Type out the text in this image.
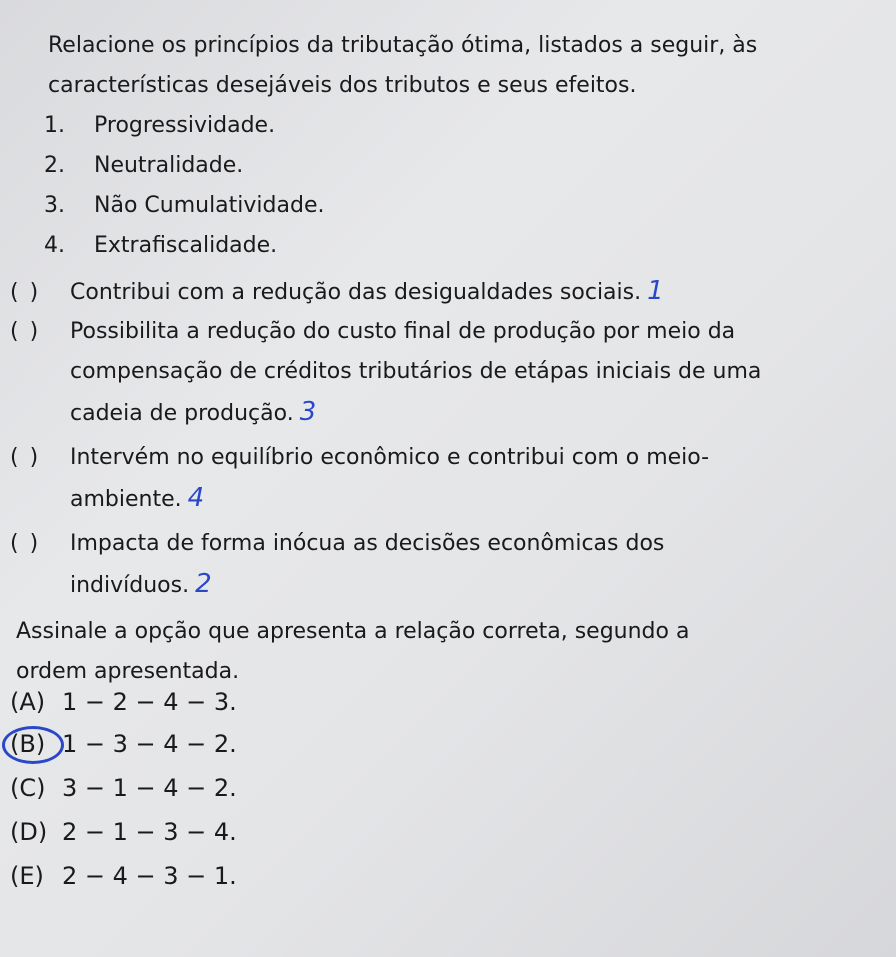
Relacione os princípios da tributação ótima, listados a seguir, às
características desejáveis dos tributos e seus efeitos.
1. Progressividade.
2. Neutralidade.
3. Não Cumulatividade.
4. Extrafiscalidade.
( ) Contribui com a redução das desigualdades sociais. 1
( ) Possibilita a redução do custo final de produção por meio da
compensação de créditos tributários de etápas iniciais de uma
cadeia de produção. 3
( ) Intervém no equilíbrio econômico e contribui com o meio-
ambiente. 4
( ) Impacta de forma inócua as decisões econômicas dos
indivíduos. 2
Assinale a opção que apresenta a relação correta, segundo a
ordem apresentada.
(A) 1 − 2 − 4 − 3.
(B) 1 − 3 − 4 − 2.
(C) 3 − 1 − 4 − 2.
(D) 2 − 1 − 3 − 4.
(E) 2 − 4 − 3 − 1.
